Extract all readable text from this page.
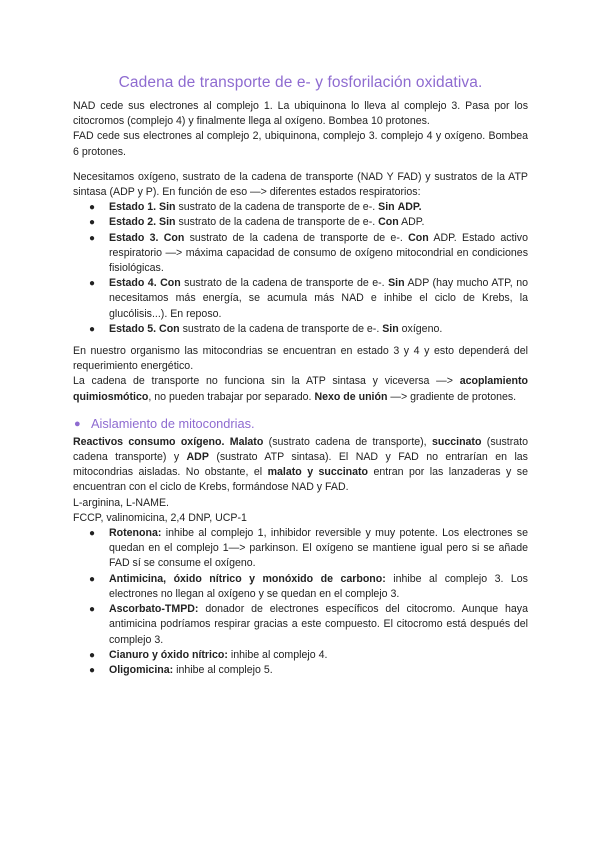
Cadena de transporte de e- y fosforilación oxidativa.

NAD cede sus electrones al complejo 1. La ubiquinona lo lleva al complejo 3. Pasa por los citocromos (complejo 4) y finalmente llega al oxígeno. Bombea 10 protones.

FAD cede sus electrones al complejo 2, ubiquinona, complejo 3. complejo 4 y oxígeno. Bombea 6 protones.

Necesitamos oxígeno, sustrato de la cadena de transporte (NAD Y FAD) y sustratos de la ATP sintasa (ADP y P). En función de eso —> diferentes estados respiratorios:

● Estado 1. Sin sustrato de la cadena de transporte de e-. Sin ADP.
● Estado 2. Sin sustrato de la cadena de transporte de e-. Con ADP.
● Estado 3. Con sustrato de la cadena de transporte de e-. Con ADP. Estado activo respiratorio —> máxima capacidad de consumo de oxígeno mitocondrial en condiciones fisiológicas.
● Estado 4. Con sustrato de la cadena de transporte de e-. Sin ADP (hay mucho ATP, no necesitamos más energía, se acumula más NAD e inhibe el ciclo de Krebs, la glucólisis...). En reposo.
● Estado 5. Con sustrato de la cadena de transporte de e-. Sin oxígeno.

En nuestro organismo las mitocondrias se encuentran en estado 3 y 4 y esto dependerá del requerimiento energético.

La cadena de transporte no funciona sin la ATP sintasa y viceversa —> acoplamiento quimiosmótico, no pueden trabajar por separado. Nexo de unión —> gradiente de protones.

● Aislamiento de mitocondrias.

Reactivos consumo oxígeno. Malato (sustrato cadena de transporte), succinato (sustrato cadena transporte) y ADP (sustrato ATP sintasa). El NAD y FAD no entrarían en las mitocondrias aisladas. No obstante, el malato y succinato entran por las lanzaderas y se encuentran con el ciclo de Krebs, formándose NAD y FAD.

L-arginina, L-NAME.

FCCP, valinomicina, 2,4 DNP, UCP-1

● Rotenona: inhibe al complejo 1, inhibidor reversible y muy potente. Los electrones se quedan en el complejo 1—> parkinson. El oxígeno se mantiene igual pero si se añade FAD sí se consume el oxígeno.
● Antimicina, óxido nítrico y monóxido de carbono: inhibe al complejo 3. Los electrones no llegan al oxígeno y se quedan en el complejo 3.
● Ascorbato-TMPD: donador de electrones específicos del citocromo. Aunque haya antimicina podríamos respirar gracias a este compuesto. El citocromo está después del complejo 3.
● Cianuro y óxido nítrico: inhibe al complejo 4.
● Oligomicina: inhibe al complejo 5.
